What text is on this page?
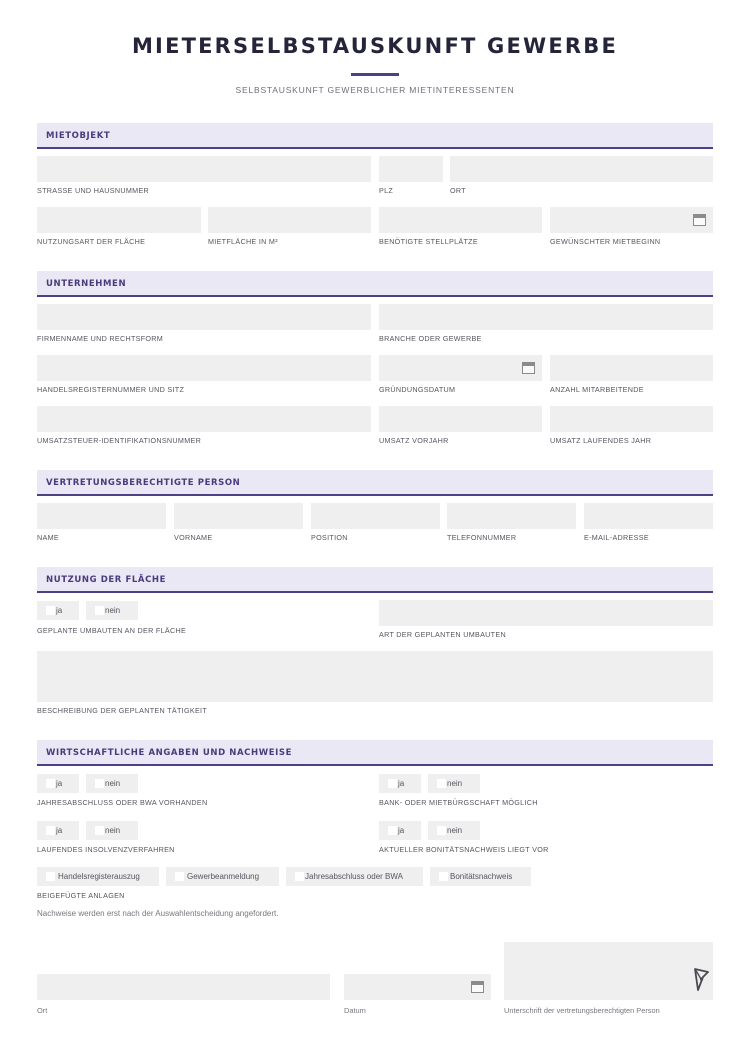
MIETERSELBSTAUSKUNFT GEWERBE
SELBSTAUSKUNFT GEWERBLICHER MIETINTERESSENTEN
MIETOBJEKT
STRASSE UND HAUSNUMMER	PLZ	ORT
NUTZUNGSART DER FLÄCHE	MIETFLÄCHE IN M²	BENÖTIGTE STELLPLÄTZE	GEWÜNSCHTER MIETBEGINN
UNTERNEHMEN
FIRMENNAME UND RECHTSFORM	BRANCHE ODER GEWERBE
HANDELSREGISTERNUMMER UND SITZ	GRÜNDUNGSDATUM	ANZAHL MITARBEITENDE
UMSATZSTEUER-IDENTIFIKATIONSNUMMER	UMSATZ VORJAHR	UMSATZ LAUFENDES JAHR
VERTRETUNGSBERECHTIGTE PERSON
NAME	VORNAME	POSITION	TELEFONNUMMER	E-MAIL-ADRESSE
NUTZUNG DER FLÄCHE
ja	nein
GEPLANTE UMBAUTEN AN DER FLÄCHE	ART DER GEPLANTEN UMBAUTEN
BESCHREIBUNG DER GEPLANTEN TÄTIGKEIT
WIRTSCHAFTLICHE ANGABEN UND NACHWEISE
ja	nein
JAHRESABSCHLUSS ODER BWA VORHANDEN
ja	nein
BANK- ODER MIETBÜRGSCHAFT MÖGLICH
ja	nein
LAUFENDES INSOLVENZVERFAHREN
ja	nein
AKTUELLER BONITÄTSNACHWEIS LIEGT VOR
Handelsregisterauszug	Gewerbeanmeldung	Jahresabschluss oder BWA	Bonitätsnachweis
BEIGEFÜGTE ANLAGEN
Nachweise werden erst nach der Auswahlentscheidung angefordert.
Ort	Datum	Unterschrift der vertretungsberechtigten Person
